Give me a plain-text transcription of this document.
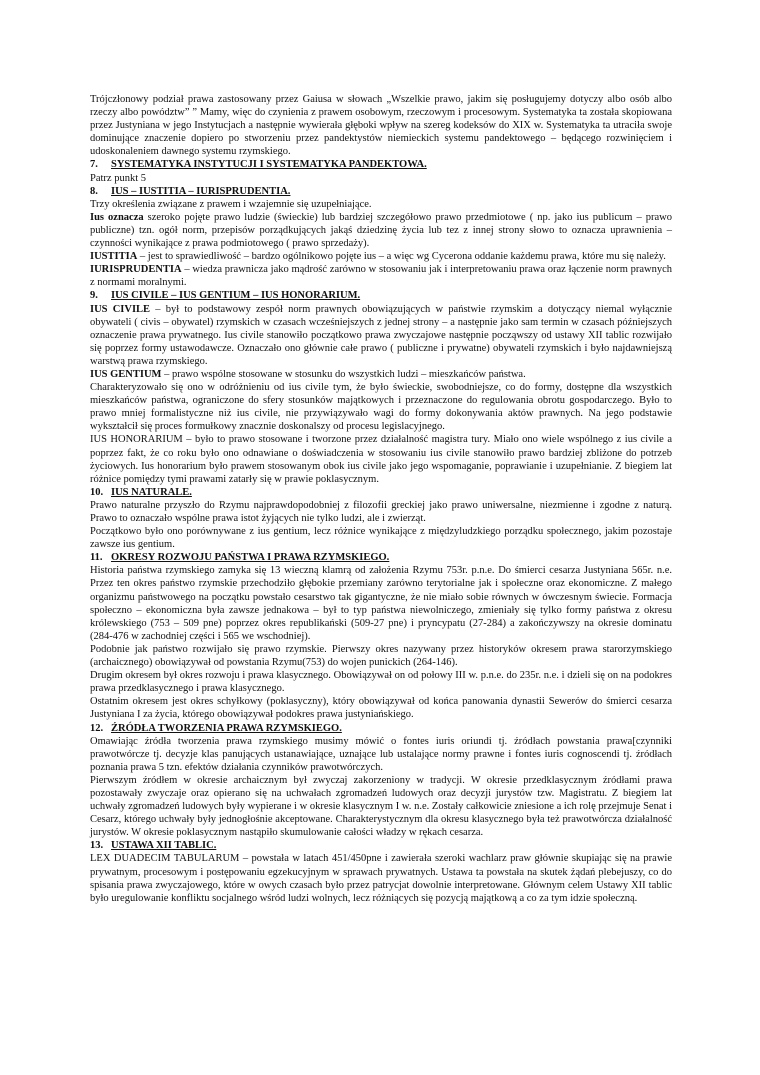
Trójczłonowy podział prawa zastosowany przez Gaiusa w słowach „Wszelkie prawo, jakim się posługujemy dotyczy albo osób albo rzeczy albo powództw” ” Mamy, więc do czynienia z prawem osobowym, rzeczowym i procesowym. Systematyka ta została skopiowana przez Justyniana w jego Instytucjach a następnie wywierała głęboki wpływ na szereg kodeksów do XIX w. Systematyka ta utraciła swoje dominujące znaczenie dopiero po stworzeniu przez pandektystów niemieckich systemu pandektowego – będącego rozwinięciem i udoskonaleniem dawnego systemu rzymskiego.

7. SYSTEMATYKA INSTYTUCJI I SYSTEMATYKA PANDEKTOWA.

Patrz punkt 5

8. IUS – IUSTITIA – IURISPRUDENTIA.

Trzy określenia związane z prawem i wzajemnie się uzupełniające.

Ius oznacza szeroko pojęte prawo ludzie (świeckie) lub bardziej szczegółowo prawo przedmiotowe ( np. jako ius publicum – prawo publiczne) tzn. ogół norm, przepisów porządkujących jakąś dziedzinę życia lub tez z innej strony słowo to oznacza uprawnienia – czynności wynikające z prawa podmiotowego ( prawo sprzedaży).

IUSTITIA – jest to sprawiedliwość – bardzo ogólnikowo pojęte ius – a więc wg Cycerona oddanie każdemu prawa, które mu się należy.

IURISPRUDENTIA – wiedza prawnicza jako mądrość zarówno w stosowaniu jak i interpretowaniu prawa oraz łączenie norm prawnych z normami moralnymi.

9. IUS CIVILE – IUS GENTIUM – IUS HONORARIUM.

IUS CIVILE – był to podstawowy zespół norm prawnych obowiązujących w państwie rzymskim a dotyczący niemal wyłącznie obywateli ( civis – obywatel) rzymskich w czasach wcześniejszych z jednej strony – a następnie jako sam termin w czasach późniejszych oznaczenie prawa prywatnego. Ius civile stanowiło początkowo prawa zwyczajowe następnie począwszy od ustawy XII tablic rozwijało się poprzez formy ustawodawcze. Oznaczało ono głównie całe prawo ( publiczne i prywatne) obywateli rzymskich i było najdawniejszą warstwą prawa rzymskiego.

IUS GENTIUM – prawo wspólne stosowane w stosunku do wszystkich ludzi – mieszkańców państwa.

Charakteryzowało się ono w odróżnieniu od ius civile tym, że było świeckie, swobodniejsze, co do formy, dostępne dla wszystkich mieszkańców państwa, ograniczone do sfery stosunków majątkowych i przeznaczone do regulowania obrotu gospodarczego. Było to prawo mniej formalistyczne niż ius civile, nie przywiązywało wagi do formy dokonywania aktów prawnych. Na jego podstawie wykształcił się proces formułkowy znacznie doskonalszy od procesu legislacyjnego.

IUS HONORARIUM – było to prawo stosowane i tworzone przez działalność magistra tury. Miało ono wiele wspólnego z ius civile a poprzez fakt, że co roku było ono odnawiane o doświadczenia w stosowaniu ius civile stanowiło prawo bardziej zbliżone do potrzeb życiowych. Ius honorarium było prawem stosowanym obok ius civile jako jego wspomaganie, poprawianie i uzupełnianie. Z biegiem lat różnice pomiędzy tymi prawami zatarły się w prawie poklasycznym.

10. IUS NATURALE.

Prawo naturalne przyszło do Rzymu najprawdopodobniej z filozofii greckiej jako prawo uniwersalne, niezmienne i zgodne z naturą. Prawo to oznaczało wspólne prawa istot żyjących nie tylko ludzi, ale i zwierząt.

Początkowo było ono porównywane z ius gentium, lecz różnice wynikające z międzyludzkiego porządku społecznego, jakim pozostaje zawsze ius gentium.

11. OKRESY ROZWOJU PAŃSTWA I PRAWA RZYMSKIEGO.

Historia państwa rzymskiego zamyka się 13 wieczną klamrą od założenia Rzymu 753r. p.n.e. Do śmierci cesarza Justyniana 565r. n.e. Przez ten okres państwo rzymskie przechodziło głębokie przemiany zarówno terytorialne jak i społeczne oraz ekonomiczne. Z małego organizmu państwowego na początku powstało cesarstwo tak gigantyczne, że nie miało sobie równych w ówczesnym świecie. Formacja społeczno – ekonomiczna była zawsze jednakowa – był to typ państwa niewolniczego, zmieniały się tylko formy państwa z okresu królewskiego (753 – 509 pne) poprzez okres republikański (509-27 pne) i pryncypatu (27-284) a zakończywszy na okresie dominatu (284-476 w zachodniej części i 565 we wschodniej).

Podobnie jak państwo rozwijało się prawo rzymskie. Pierwszy okres nazywany przez historyków okresem prawa starorzymskiego (archaicznego) obowiązywał od powstania Rzymu(753) do wojen punickich (264-146).

Drugim okresem był okres rozwoju i prawa klasycznego. Obowiązywał on od połowy III w. p.n.e. do 235r. n.e. i dzieli się on na podokres prawa przedklasycznego i prawa klasycznego.

Ostatnim okresem jest okres schyłkowy (poklasyczny), który obowiązywał od końca panowania dynastii Sewerów do śmierci cesarza Justyniana I za życia, którego obowiązywał podokres prawa justyniańskiego.

12. ŹRÓDŁA TWORZENIA PRAWA RZYMSKIEGO.

Omawiając źródła tworzenia prawa rzymskiego musimy mówić o fontes iuris oriundi tj. źródłach powstania prawa[czynniki prawotwórcze tj. decyzje klas panujących ustanawiające, uznające lub ustalające normy prawne i fontes iuris cognoscendi tj. źródłach poznania prawa 5 tzn. efektów działania czynników prawotwórczych.

Pierwszym źródłem w okresie archaicznym był zwyczaj zakorzeniony w tradycji. W okresie przedklasycznym źródłami prawa pozostawały zwyczaje oraz opierano się na uchwałach zgromadzeń ludowych oraz decyzji jurystów tzw. Magistratu. Z biegiem lat uchwały zgromadzeń ludowych były wypierane i w okresie klasycznym I w. n.e. Zostały całkowicie zniesione a ich rolę przejmuje Senat i Cesarz, którego uchwały były jednogłośnie akceptowane. Charakterystycznym dla okresu klasycznego była też prawotwórcza działalność jurystów. W okresie poklasycznym nastąpiło skumulowanie całości władzy w rękach cesarza.

13. USTAWA XII TABLIC.

LEX DUADECIM TABULARUM – powstała w latach 451/450pne i zawierała szeroki wachlarz praw głównie skupiając się na prawie prywatnym, procesowym i postępowaniu egzekucyjnym w sprawach prywatnych. Ustawa ta powstała na skutek żądań plebejuszy, co do spisania prawa zwyczajowego, które w owych czasach było przez patrycjat dowolnie interpretowane. Głównym celem Ustawy XII tablic było uregulowanie konfliktu socjalnego wśród ludzi wolnych, lecz różniących się pozycją majątkową a co za tym idzie społeczną.
